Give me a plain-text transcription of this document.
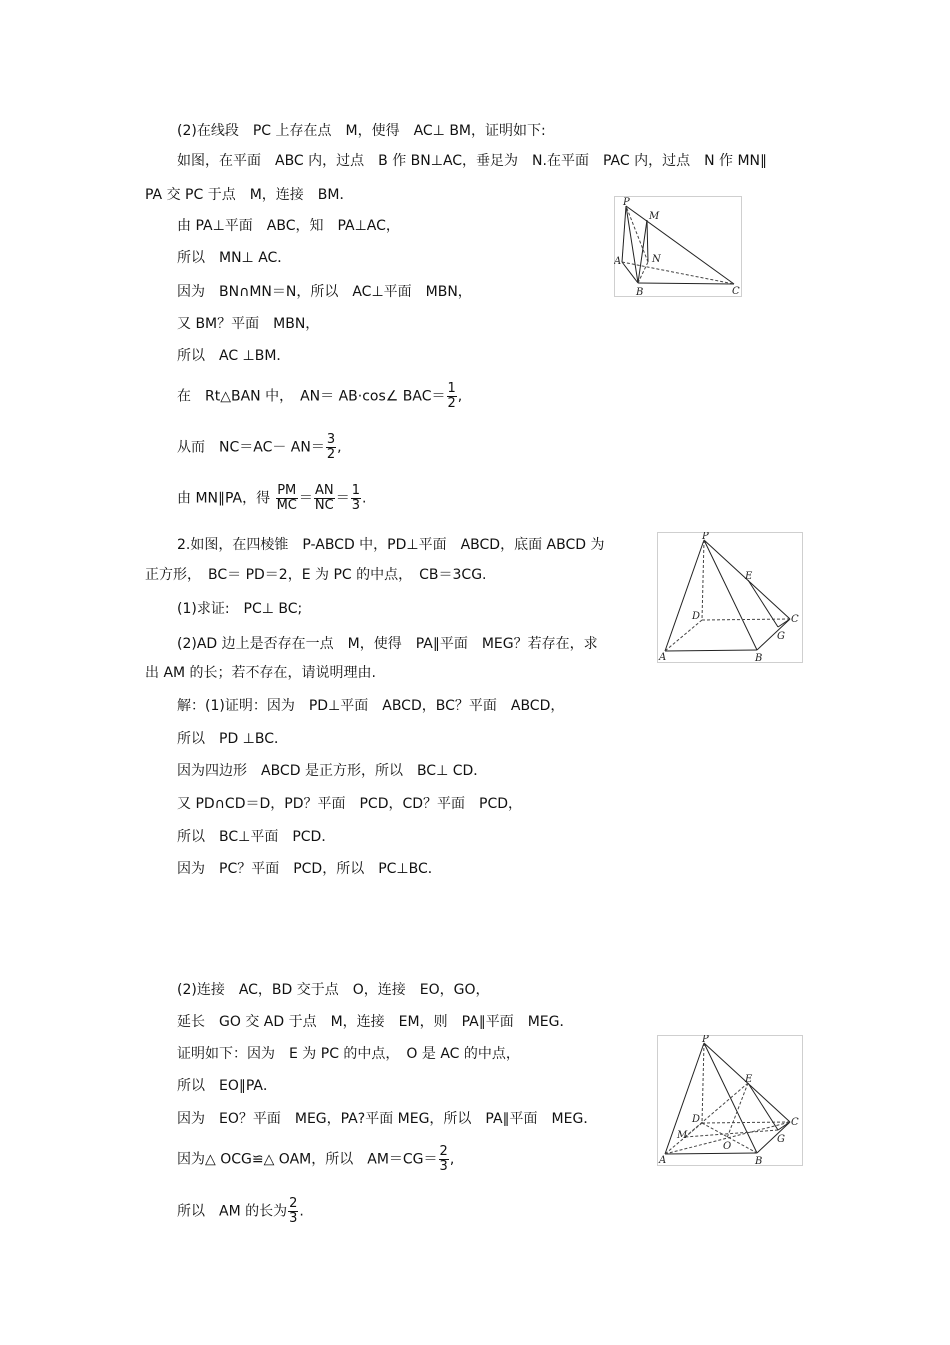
(2)在线段　PC 上存在点　M，使得　AC⊥ BM，证明如下:
如图，在平面　ABC 内，过点　B 作 BN⊥AC，垂足为　N.在平面　PAC 内，过点　N 作 MN∥
PA 交 PC 于点　M，连接　BM．
由 PA⊥平面　ABC，知　PA⊥AC，
所以　MN⊥ AC．
因为　BN∩MN＝N，所以　AC⊥平面　MBN，
又 BM？平面　MBN，
所以　AC ⊥BM．
在　Rt△BAN 中，　AN＝ AB·cos∠ $BAC= \frac{1}{2}$ ,
从而　$NC=AC- AN= \frac{3}{2}$ ,
由 MN∥PA，得 $\frac{PM}{MC} = \frac{AN}{NC} = \frac{1}{3}$ .
P
M
A	N
B	C
2.如图，在四棱锥　P-ABCD 中，PD⊥平面　ABCD，底面 ABCD 为
正方形，　BC＝ PD＝2，E 为 PC 的中点，　CB＝3CG.
(1)求证:　PC⊥ BC;
(2)AD 边上是否存在一点　M，使得　PA∥平面　MEG？若存在，求
出 AM 的长；若不存在，请说明理由.
解：(1)证明：因为　PD⊥平面　ABCD，BC？平面　ABCD，
所以　PD ⊥BC．
因为四边形　ABCD 是正方形，所以　BC⊥ CD．
又 PD∩CD＝D，PD？平面　PCD，CD？平面　PCD，
所以　BC⊥平面　PCD．
因为　PC？平面　PCD，所以　PC⊥BC．
P
E
D	C
G
A	B
(2)连接　AC，BD 交于点　O，连接　EO，GO，
延长　GO 交 AD 于点　M，连接　EM，则　PA∥平面　MEG．
证明如下：因为　E 为 PC 的中点，　O 是 AC 的中点，
所以　EO∥PA．
因为　EO？平面　MEG，PA?平面 MEG，所以　PA∥平面　MEG．
因为△ OCG≌△ OAM，所以　$AM=CG= \frac{2}{3}$ ,
所以　AM 的长为 $\frac{2}{3}$ .
P
E
D	C
G
M
O
A	B
